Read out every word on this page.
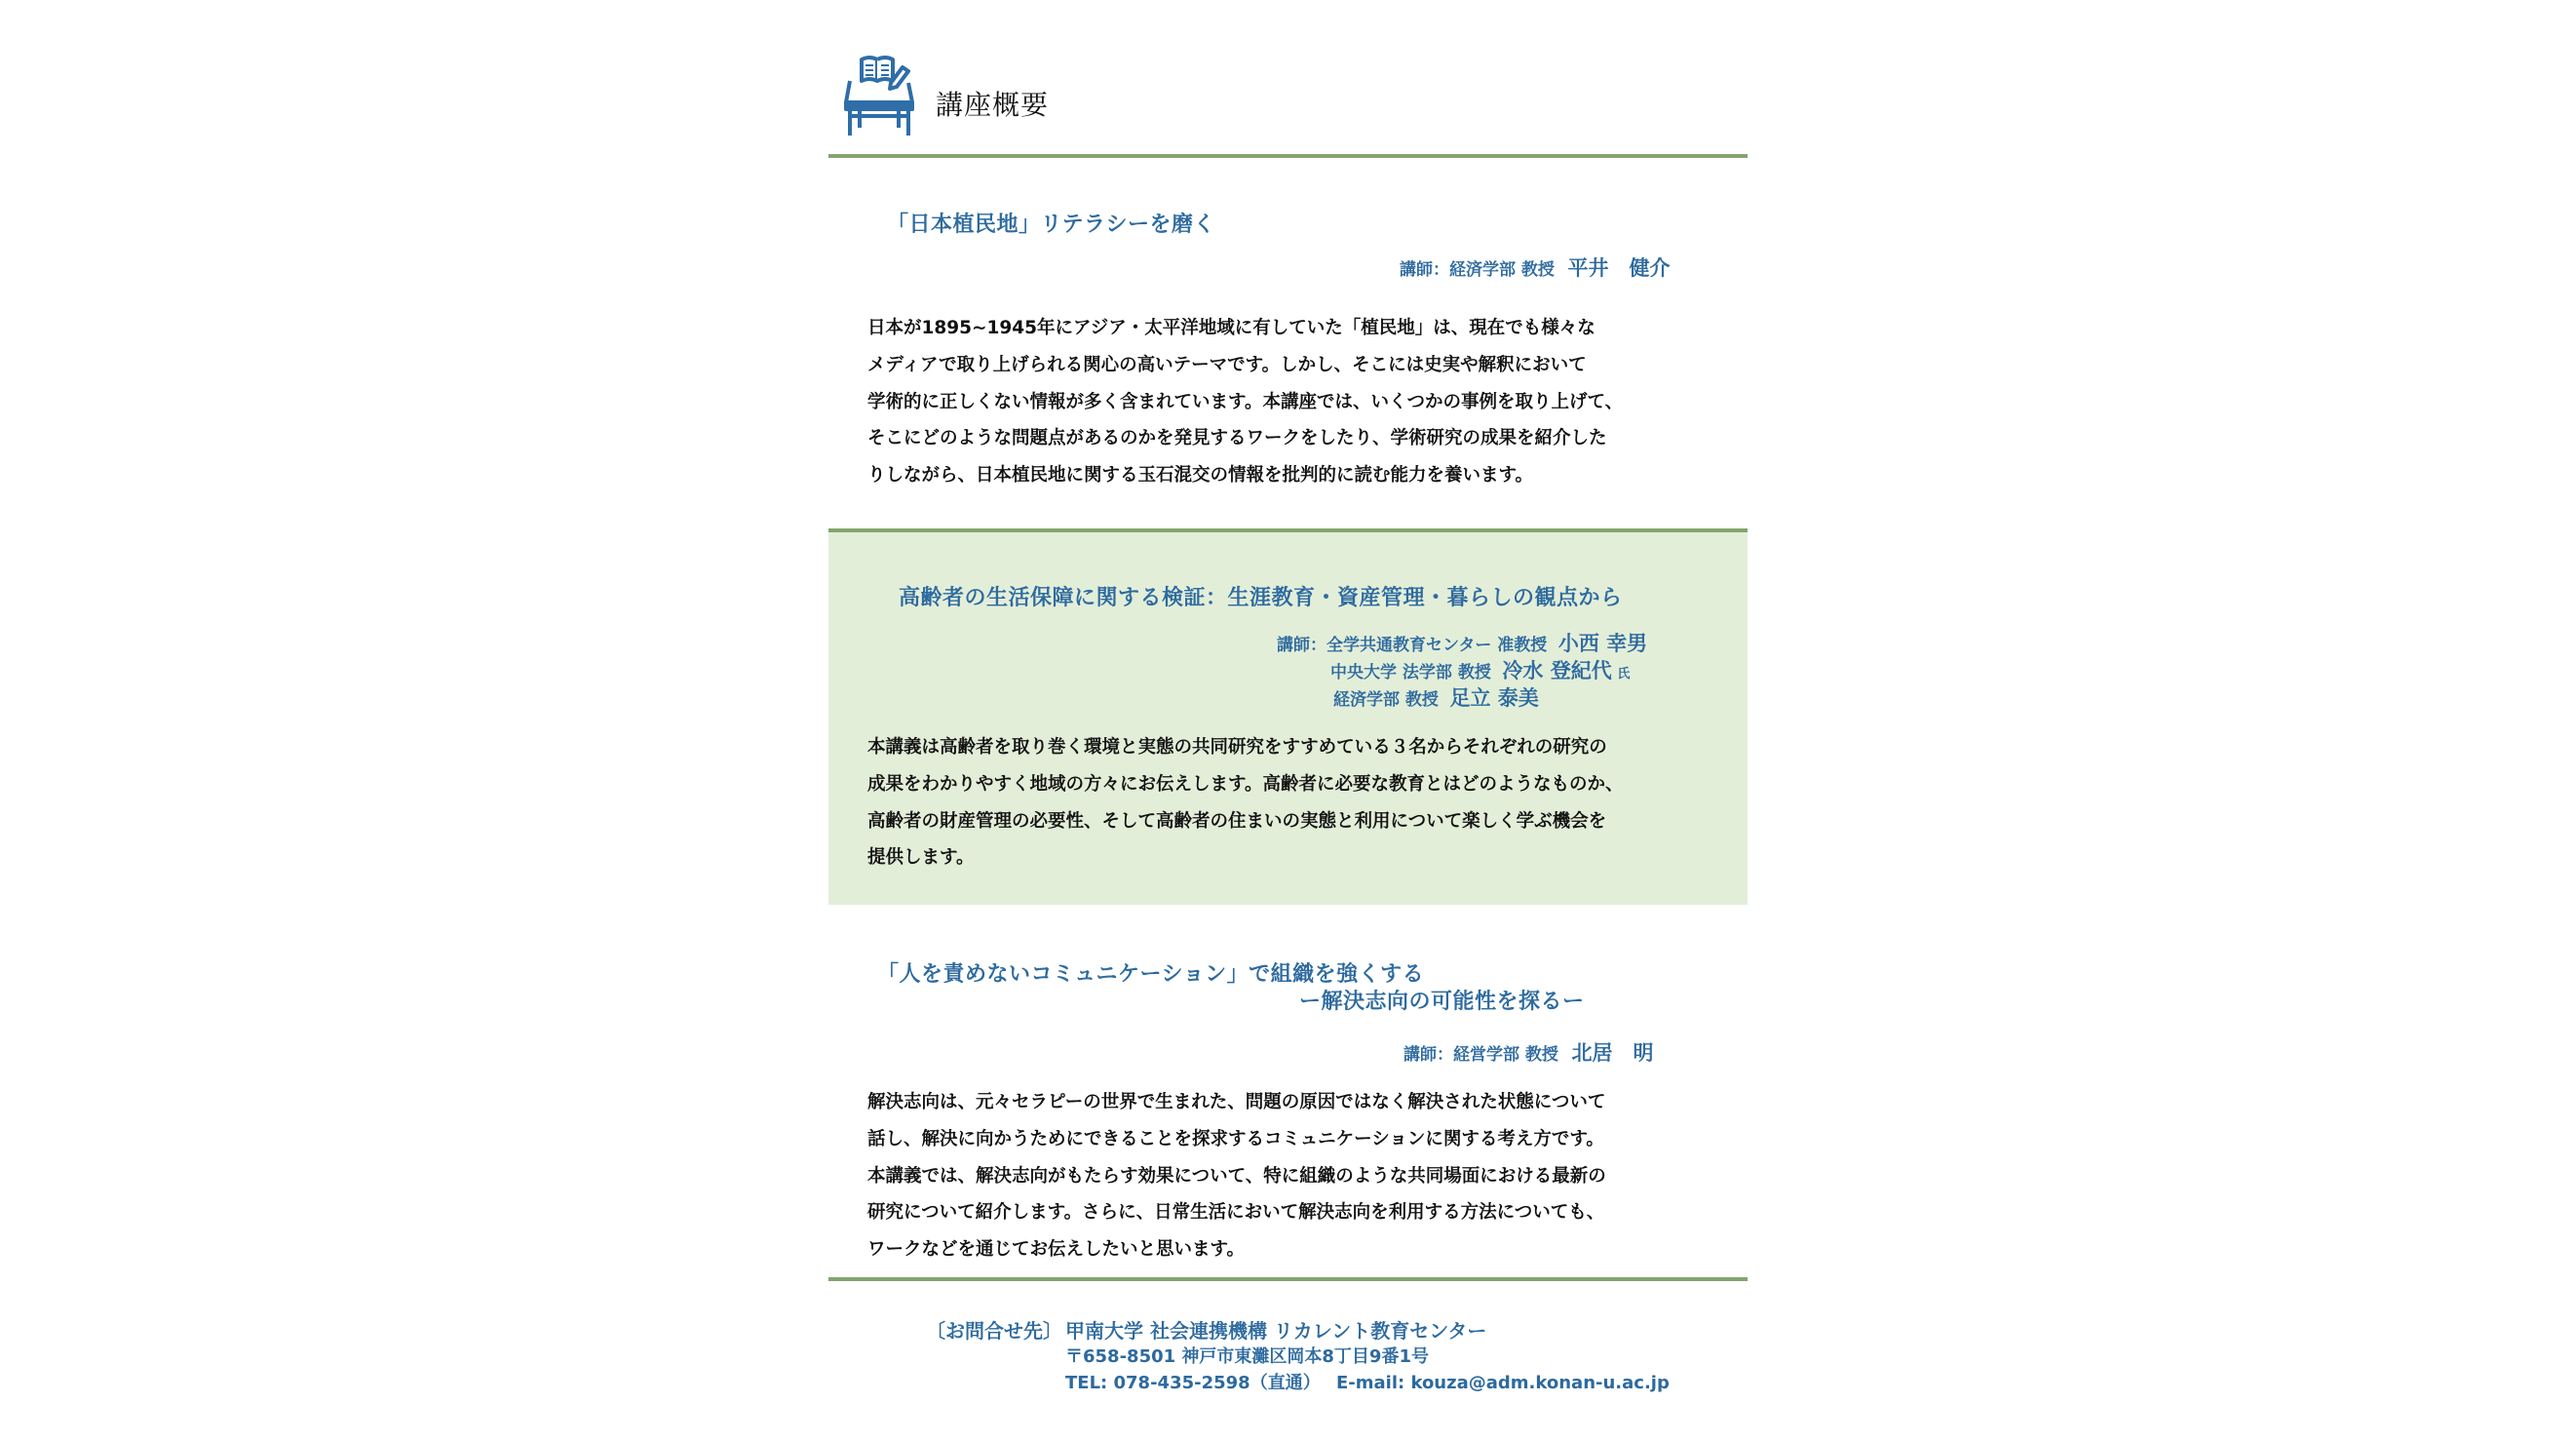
講座概要
「日本植民地」リテラシーを磨く
講師：経済学部 教授 平井　健介
日本が1895~1945年にアジア・太平洋地域に有していた「植民地」は、現在でも様々な
メディアで取り上げられる関心の高いテーマです。しかし、そこには史実や解釈において
学術的に正しくない情報が多く含まれています。本講座では、いくつかの事例を取り上げて、
そこにどのような問題点があるのかを発見するワークをしたり、学術研究の成果を紹介した
りしながら、日本植民地に関する玉石混交の情報を批判的に読む能力を養います。
高齢者の生活保障に関する検証：生涯教育・資産管理・暮らしの観点から
講師：全学共通教育センター 准教授 小西 幸男
中央大学 法学部 教授 冷水 登紀代 氏
経済学部 教授 足立 泰美
本講義は高齢者を取り巻く環境と実態の共同研究をすすめている３名からそれぞれの研究の
成果をわかりやすく地域の方々にお伝えします。高齢者に必要な教育とはどのようなものか、
高齢者の財産管理の必要性、そして高齢者の住まいの実態と利用について楽しく学ぶ機会を
提供します。
「人を責めないコミュニケーション」で組織を強くする
ー解決志向の可能性を探るー
講師：経営学部 教授 北居　明
解決志向は、元々セラピーの世界で生まれた、問題の原因ではなく解決された状態について
話し、解決に向かうためにできることを探求するコミュニケーションに関する考え方です。
本講義では、解決志向がもたらす効果について、特に組織のような共同場面における最新の
研究について紹介します。さらに、日常生活において解決志向を利用する方法についても、
ワークなどを通じてお伝えしたいと思います。
〔お問合せ先〕 甲南大学 社会連携機構 リカレント教育センター
〒658-8501 神戸市東灘区岡本8丁目9番1号
TEL: 078-435-2598（直通） E-mail: kouza@adm.konan-u.ac.jp
